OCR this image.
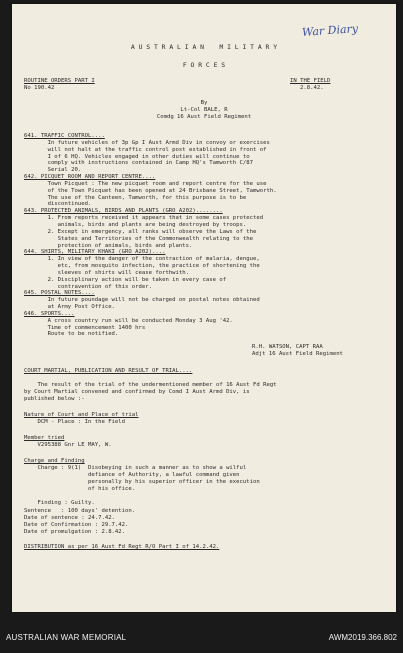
War Diary
A U S T R A L I A N    M I L I T A R Y
F O R C E S
ROUTINE ORDERS PART I
No 190.42
IN THE FIELD
2.8.42.
By
Lt-Col BALE, R
Comdg 16 Aust Field Regiment
641. TRAFFIC CONTROL....
In future vehicles of 3p Gp I Aust Armd Div in convoy or exercises
will not halt at the traffic control post established in front of
I of 6 HQ. Vehicles engaged in other duties will continue to
comply with instructions contained in Camp HQ's Tamworth C/87
Serial 20.
642. PICQUET ROOM AND REPORT CENTRE....
Town Picquet : The new picquet room and report centre for the use
of the Town Picquet has been opened at 24 Brisbane Street, Tamworth.
The use of the Canteen, Tamworth, for this purpose is to be
discontinued.
643. PROTECTED ANIMALS, BIRDS AND PLANTS (GRO A202)........
1. From reports received it appears that in some cases protected
animals, birds and plants are being destroyed by troops.
2. Except in emergency, all ranks will observe the Laws of the
States and Territories of the Commonwealth relating to the
protection of animals, birds and plants.
644. SHIRTS, MILITARY KHAKI (GRO A202)....
1. In view of the danger of the contraction of malaria, dengue,
etc, from mosquito infection, the practice of shortening the
sleeves of shirts will cease forthwith.
2. Disciplinary action will be taken in every case of
contravention of this order.
645. POSTAL NOTES....
In future poundage will not be charged on postal notes obtained
at Army Post Office.
646. SPORTS....
A cross country run will be conducted Monday 3 Aug '42.
Time of commencement 1400 hrs
Route to be notified.
R.H. WATSON, CAPT RAA
Adjt 16 Aust Field Regiment
COURT MARTIAL, PUBLICATION AND RESULT OF TRIAL....
The result of the trial of the undermentioned member of 16 Aust Fd Regt
by Court Martial convened and confirmed by Comd I Aust Armd Div, is
published below :-
Nature of Court and Place of trial
DCM - Place : In the Field
Member tried
V295388 Gnr LE MAY, W.
Charge and Finding
Charge : 9(1)  Disobeying in such a manner as to show a wilful
defiance of Authority, a lawful command given
personally by his superior officer in the execution
of his office.
Finding : Guilty.
Sentence   : 100 days' detention.
Date of sentence : 24.7.42.
Date of Confirmation : 29.7.42.
Date of promulgation : 2.8.42.
DISTRIBUTION as per 16 Aust Fd Regt R/O Part I of 14.2.42.
AUSTRALIAN WAR MEMORIAL	AWM2019.366.802
